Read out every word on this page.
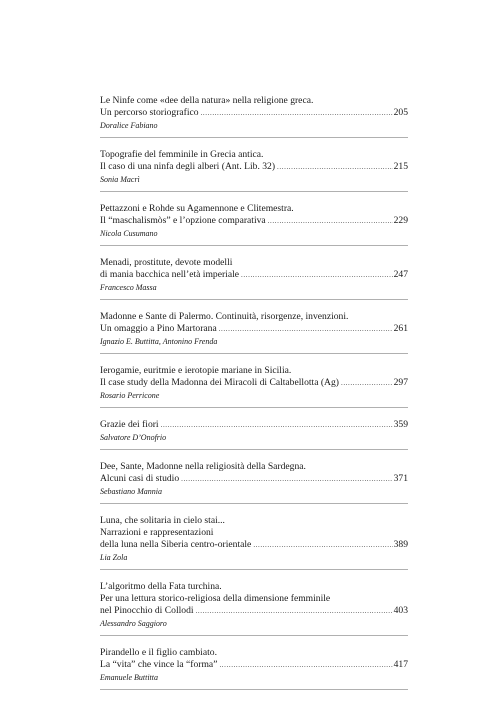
Le Ninfe come «dee della natura» nella religione greca.
Un percorso storiografico .....	205
Doralice Fabiano
Topografie del femminile in Grecia antica.
Il caso di una ninfa degli alberi (Ant. Lib. 32) .....	215
Sonia Macrì
Pettazzoni e Rohde su Agamennone e Clitemestra.
Il “maschalismòs” e l’opzione comparativa .....	229
Nicola Cusumano
Menadi, prostitute, devote modelli
di mania bacchica nell’età imperiale .....	247
Francesco Massa
Madonne e Sante di Palermo. Continuità, risorgenze, invenzioni.
Un omaggio a Pino Martorana .....	261
Ignazio E. Buttitta, Antonino Frenda
Ierogamie, euritmie e ierotopie mariane in Sicilia.
Il case study della Madonna dei Miracoli di Caltabellotta (Ag) .....	297
Rosario Perricone
Grazie dei fiori .....	359
Salvatore D’Onofrio
Dee, Sante, Madonne nella religiosità della Sardegna.
Alcuni casi di studio .....	371
Sebastiano Mannia
Luna, che solitaria in cielo stai...
Narrazioni e rappresentazioni
della luna nella Siberia centro-orientale .....	389
Lia Zola
L’algoritmo della Fata turchina.
Per una lettura storico-religiosa della dimensione femminile
nel Pinocchio di Collodi .....	403
Alessandro Saggioro
Pirandello e il figlio cambiato.
La “vita” che vince la “forma” .....	417
Emanuele Buttitta
